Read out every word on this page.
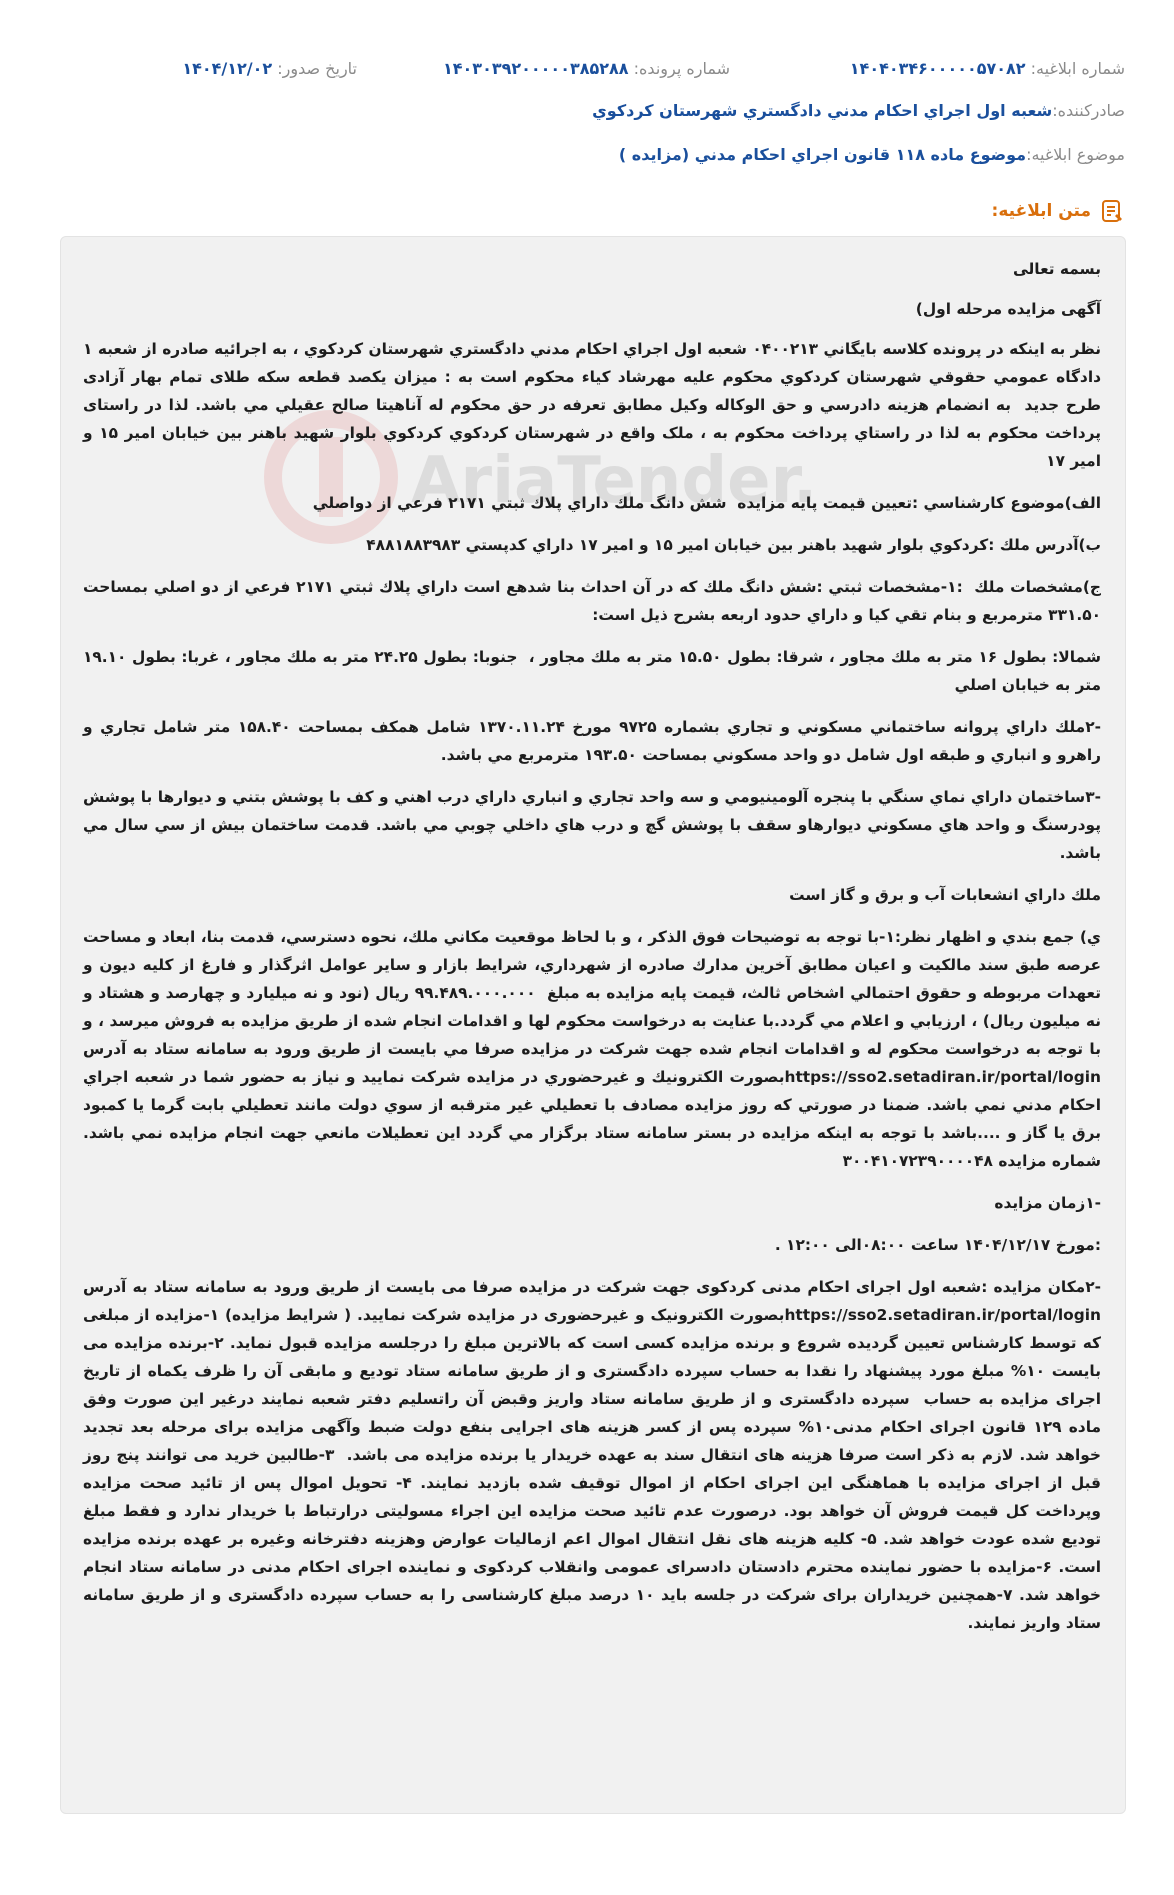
شماره ابلاغیه: ۱۴۰۴۰۳۴۶۰۰۰۰۰۵۷۰۸۲
شماره پرونده: ۱۴۰۳۰۳۹۲۰۰۰۰۰۳۸۵۲۸۸
تاریخ صدور: ۱۴۰۴/۱۲/۰۲
صادرکننده:
شعبه اول اجراي احكام مدني دادگستري شهرستان كردكوي
موضوع ابلاغیه:
موضوع ماده ۱۱۸ قانون اجراي احكام مدني (مزايده )
متن ابلاغیه:
AriaTender.

بسمه تعالی

آگهی مزایده مرحله اول)

نظر به اينكه در پرونده كلاسه بايگاني ۰۴۰۰۲۱۳ شعبه اول اجراي احكام مدني دادگستري شهرستان كردكوي ، به اجرائيه صادره از شعبه ۱ دادگاه عمومي حقوقي شهرستان كردكوي محكوم عليه مهرشاد كياء محكوم است به : ميزان يكصد قطعه سكه طلاى تمام بهار آزادى طرح جديد  به انضمام هزينه دادرسي و حق الوكاله وكيل مطابق تعرفه در حق محكوم له آناهيتا صالح عقيلي مي باشد. لذا در راستای پرداخت محکوم به لذا در راستاي پرداخت محكوم به ، ملک واقع در شهرستان کردکوي كردكوي بلوار شهيد باهنر بين خيابان امير ۱۵ و امير ۱۷

الف)موضوع كارشناسي :تعيين قيمت پايه مزايده  شش دانگ ملك داراي پلاك ثبتي ۲۱۷۱ فرعي از دواصلي

ب)آدرس ملك :كردكوي بلوار شهيد باهنر بين خيابان امير ۱۵ و امير ۱۷ داراي كدپستي ۴۸۸۱۸۸۳۹۸۳

ج)مشخصات ملك  :۱-مشخصات ثبتي :شش دانگ ملك كه در آن احداث بنا شدهع است داراي پلاك ثبتي ۲۱۷۱ فرعي از دو اصلي بمساحت ۳۳۱.۵۰ مترمربع و بنام تقي كيا و داراي حدود اربعه بشرح ذيل است:

شمالا: بطول ۱۶ متر به ملك مجاور ، شرقا: بطول ۱۵.۵۰ متر به ملك مجاور ،  جنوبا: بطول ۲۴.۲۵ متر به ملك مجاور ، غربا: بطول ۱۹.۱۰ متر به خيابان اصلي

-۲ملك داراي پروانه ساختماني مسكوني و تجاري بشماره ۹۷۲۵ مورخ ۱۳۷۰.۱۱.۲۴ شامل همكف بمساحت ۱۵۸.۴۰ متر شامل تجاري و راهرو و انباري و طبقه اول شامل دو واحد مسكوني بمساحت ۱۹۳.۵۰ مترمربع مي باشد.

-۳ساختمان داراي نماي سنگي با پنجره آلومينيومي و سه واحد تجاري و انباري داراي درب اهني و كف با پوشش بتني و ديوارها با پوشش پودرسنگ و واحد هاي مسكوني ديوارهاو سقف با پوشش گچ و درب هاي داخلي چوبي مي باشد. قدمت ساختمان بيش از سي سال مي باشد.

ملك داراي انشعابات آب و برق و گاز است

ي) جمع بندي و اظهار نظر:۱-با توجه به توضيحات فوق الذكر ، و با لحاظ موقعيت مكاني ملك، نحوه دسترسي، قدمت بنا، ابعاد و مساحت عرصه طبق سند مالكيت و اعيان مطابق آخرين مدارك صادره از شهرداري، شرايط بازار و ساير عوامل اثرگذار و فارغ از كليه ديون و تعهدات مربوطه و حقوق احتمالي اشخاص ثالث، قيمت پايه مزايده به مبلغ  ۹۹.۴۸۹.۰۰۰.۰۰۰ ريال (نود و نه ميليارد و چهارصد و هشتاد و نه ميليون ريال) ، ارزيابي و اعلام مي گردد.با عنايت به درخواست محكوم لها و اقدامات انجام شده از طريق مزايده به فروش ميرسد ، و با توجه به درخواست محكوم له و اقدامات انجام شده جهت شركت در مزايده صرفا مي بايست از طريق ورود به سامانه ستاد به آدرس https://sso2.setadiran.ir/portal/loginبصورت الكترونيك و غيرحضوري در مزايده شركت نماييد و نياز به حضور شما در شعبه اجراي احكام مدني نمي باشد. ضمنا در صورتي كه روز مزايده مصادف با تعطيلي غير مترقبه از سوي دولت مانند تعطيلي بابت گرما يا كمبود برق يا گاز و ....باشد با توجه به اينكه مزايده در بستر سامانه ستاد برگزار مي گردد اين تعطيلات مانعي جهت انجام مزايده نمي باشد. شماره مزايده ۳۰۰۴۱۰۷۲۳۹۰۰۰۰۴۸

-۱زمان مزایده

:مورخ ۱۴۰۴/۱۲/۱۷ ساعت ۰۸:۰۰الی ۱۲:۰۰ .

-۲مکان مزایده :شعبه اول اجرای احکام مدنی کردکوی جهت شرکت در مزایده صرفا می بایست از طریق ورود به سامانه ستاد به آدرس https://sso2.setadiran.ir/portal/loginبصورت الکترونیک و غیرحضوری در مزایده شرکت نمایید. ( شرایط مزایده) ۱-مزایده از مبلغی که توسط کارشناس تعیین گردیده شروع و برنده مزایده کسی است که بالاترین مبلغ را درجلسه مزایده قبول نماید. ۲-برنده مزایده می بایست ۱۰% مبلغ مورد پیشنهاد را نقدا به حساب سپرده دادگستری و از طریق سامانه ستاد تودیع و مابقی آن را ظرف یکماه از تاریخ اجرای مزایده به حساب  سپرده دادگستری و از طریق سامانه ستاد واریز وقبض آن راتسلیم دفتر شعبه نمایند درغیر این صورت وفق ماده ۱۲۹ قانون اجرای احکام مدنی۱۰% سپرده پس از کسر هزینه های اجرایی بنفع دولت ضبط وآگهی مزایده برای مرحله بعد تجدید خواهد شد. لازم به ذکر است صرفا هزینه های انتقال سند به عهده خریدار یا برنده مزایده می باشد.  ۳-طالبین خرید می توانند پنج روز قبل از اجرای مزایده با هماهنگی این اجرای احکام از اموال توقیف شده بازدید نمایند. ۴- تحویل اموال پس از تائید صحت مزایده وپرداخت کل قیمت فروش آن خواهد بود. درصورت عدم تائید صحت مزایده این اجراء مسولیتی درارتباط با خریدار ندارد و فقط مبلغ تودیع شده عودت خواهد شد. ۵- کلیه هزینه های نقل انتقال اموال اعم ازمالیات عوارض وهزینه دفترخانه وغیره بر عهده برنده مزایده است. ۶-مزایده با حضور نماینده محترم دادستان دادسرای عمومی وانقلاب کردکوی و نماینده اجرای احکام مدنی در سامانه ستاد انجام خواهد شد. ۷-همچنین خریداران برای شرکت در جلسه باید ۱۰ درصد مبلغ کارشناسی را به حساب سپرده دادگستری و از طریق سامانه ستاد واریز نمایند.
